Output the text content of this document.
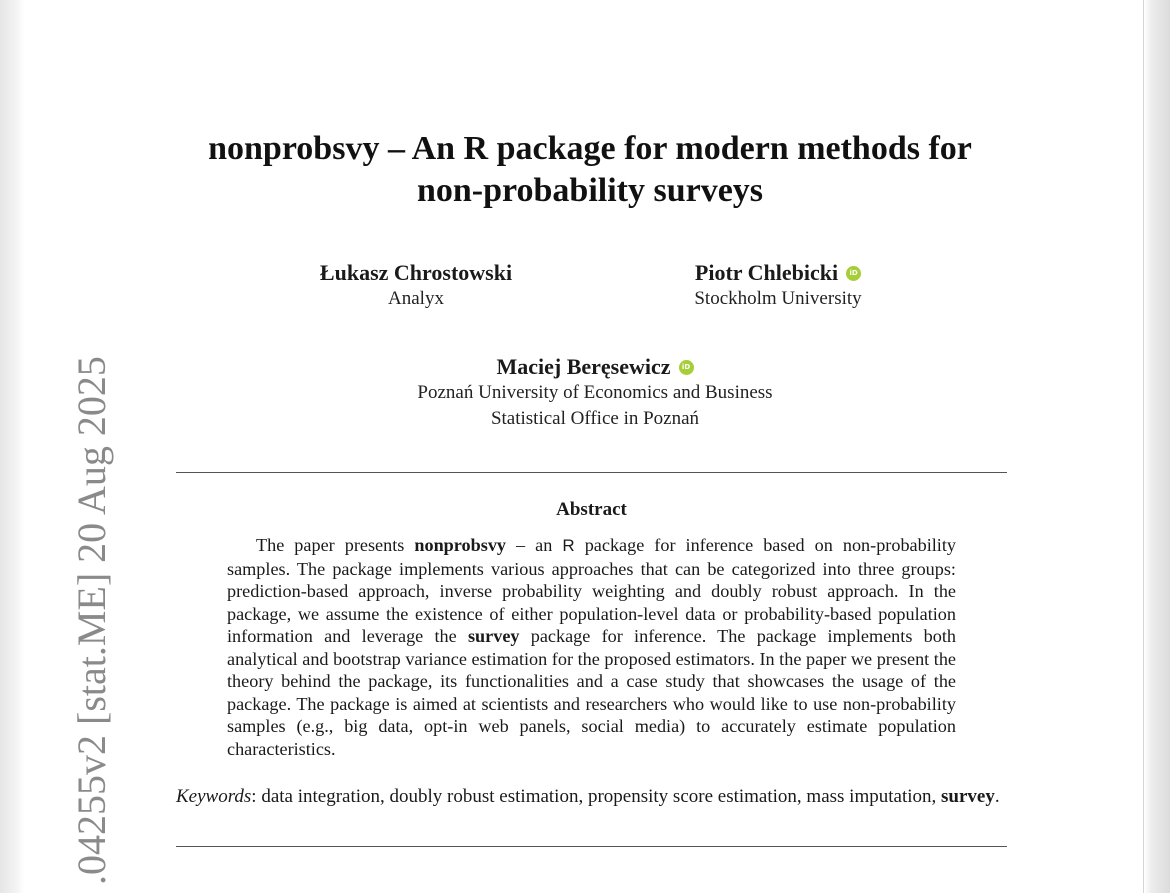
.04255v2 [stat.ME] 20 Aug 2025
nonprobsvy – An R package for modern methods for
non-probability surveys
Łukasz Chrostowski
Analyx
Piotr Chlebicki	iD
Stockholm University
Maciej Beręsewicz	iD
Poznań University of Economics and Business
Statistical Office in Poznań
Abstract
The paper presents nonprobsvy – an R package for inference based on non-probability samples. The package implements various approaches that can be categorized into three groups: prediction-based approach, inverse probability weighting and doubly robust approach. In the package, we assume the existence of either population-level data or probability-based population information and leverage the survey package for inference. The package implements both analytical and bootstrap variance estimation for the proposed estimators. In the paper we present the theory behind the package, its functionalities and a case study that showcases the usage of the package. The package is aimed at scientists and researchers who would like to use non-probability samples (e.g., big data, opt-in web panels, social media) to accurately estimate population characteristics.
Keywords: data integration, doubly robust estimation, propensity score estimation, mass imputation, survey.
